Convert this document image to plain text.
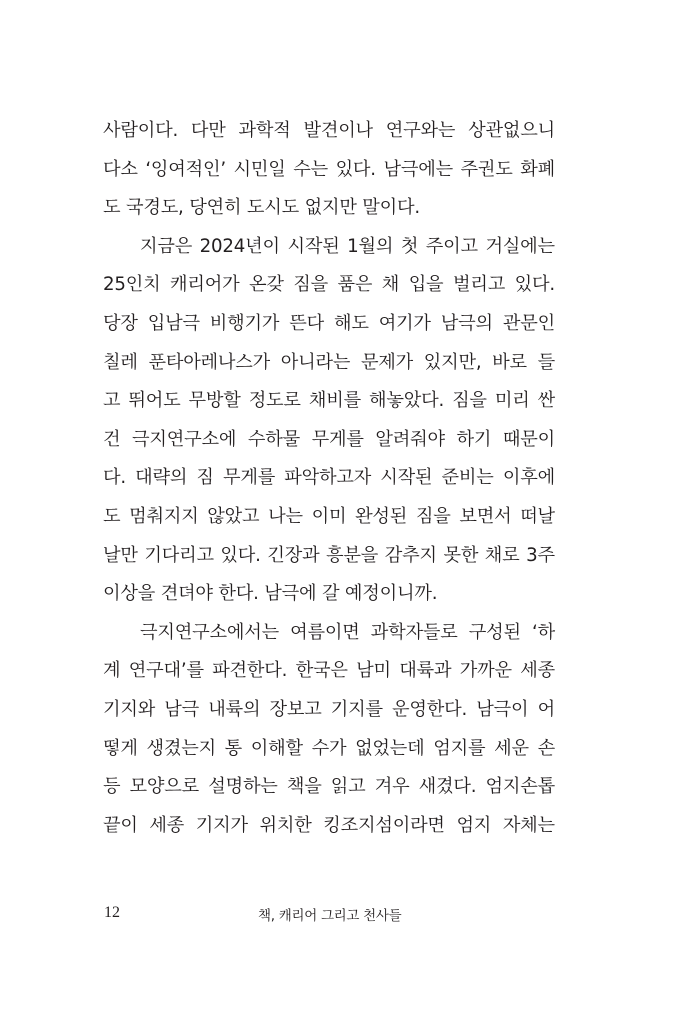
사람이다. 다만 과학적 발견이나 연구와는 상관없으니
다소 ‘잉여적인’ 시민일 수는 있다. 남극에는 주권도 화폐
도 국경도, 당연히 도시도 없지만 말이다.
지금은 2024년이 시작된 1월의 첫 주이고 거실에는
25인치 캐리어가 온갖 짐을 품은 채 입을 벌리고 있다.
당장 입남극 비행기가 뜬다 해도 여기가 남극의 관문인
칠레 푼타아레나스가 아니라는 문제가 있지만, 바로 들
고 뛰어도 무방할 정도로 채비를 해놓았다. 짐을 미리 싼
건 극지연구소에 수하물 무게를 알려줘야 하기 때문이
다. 대략의 짐 무게를 파악하고자 시작된 준비는 이후에
도 멈춰지지 않았고 나는 이미 완성된 짐을 보면서 떠날
날만 기다리고 있다. 긴장과 흥분을 감추지 못한 채로 3주
이상을 견뎌야 한다. 남극에 갈 예정이니까.
극지연구소에서는 여름이면 과학자들로 구성된 ‘하
계 연구대’를 파견한다. 한국은 남미 대륙과 가까운 세종
기지와 남극 내륙의 장보고 기지를 운영한다. 남극이 어
떻게 생겼는지 통 이해할 수가 없었는데 엄지를 세운 손
등 모양으로 설명하는 책을 읽고 겨우 새겼다. 엄지손톱
끝이 세종 기지가 위치한 킹조지섬이라면 엄지 자체는
12	책, 캐리어 그리고 천사들
